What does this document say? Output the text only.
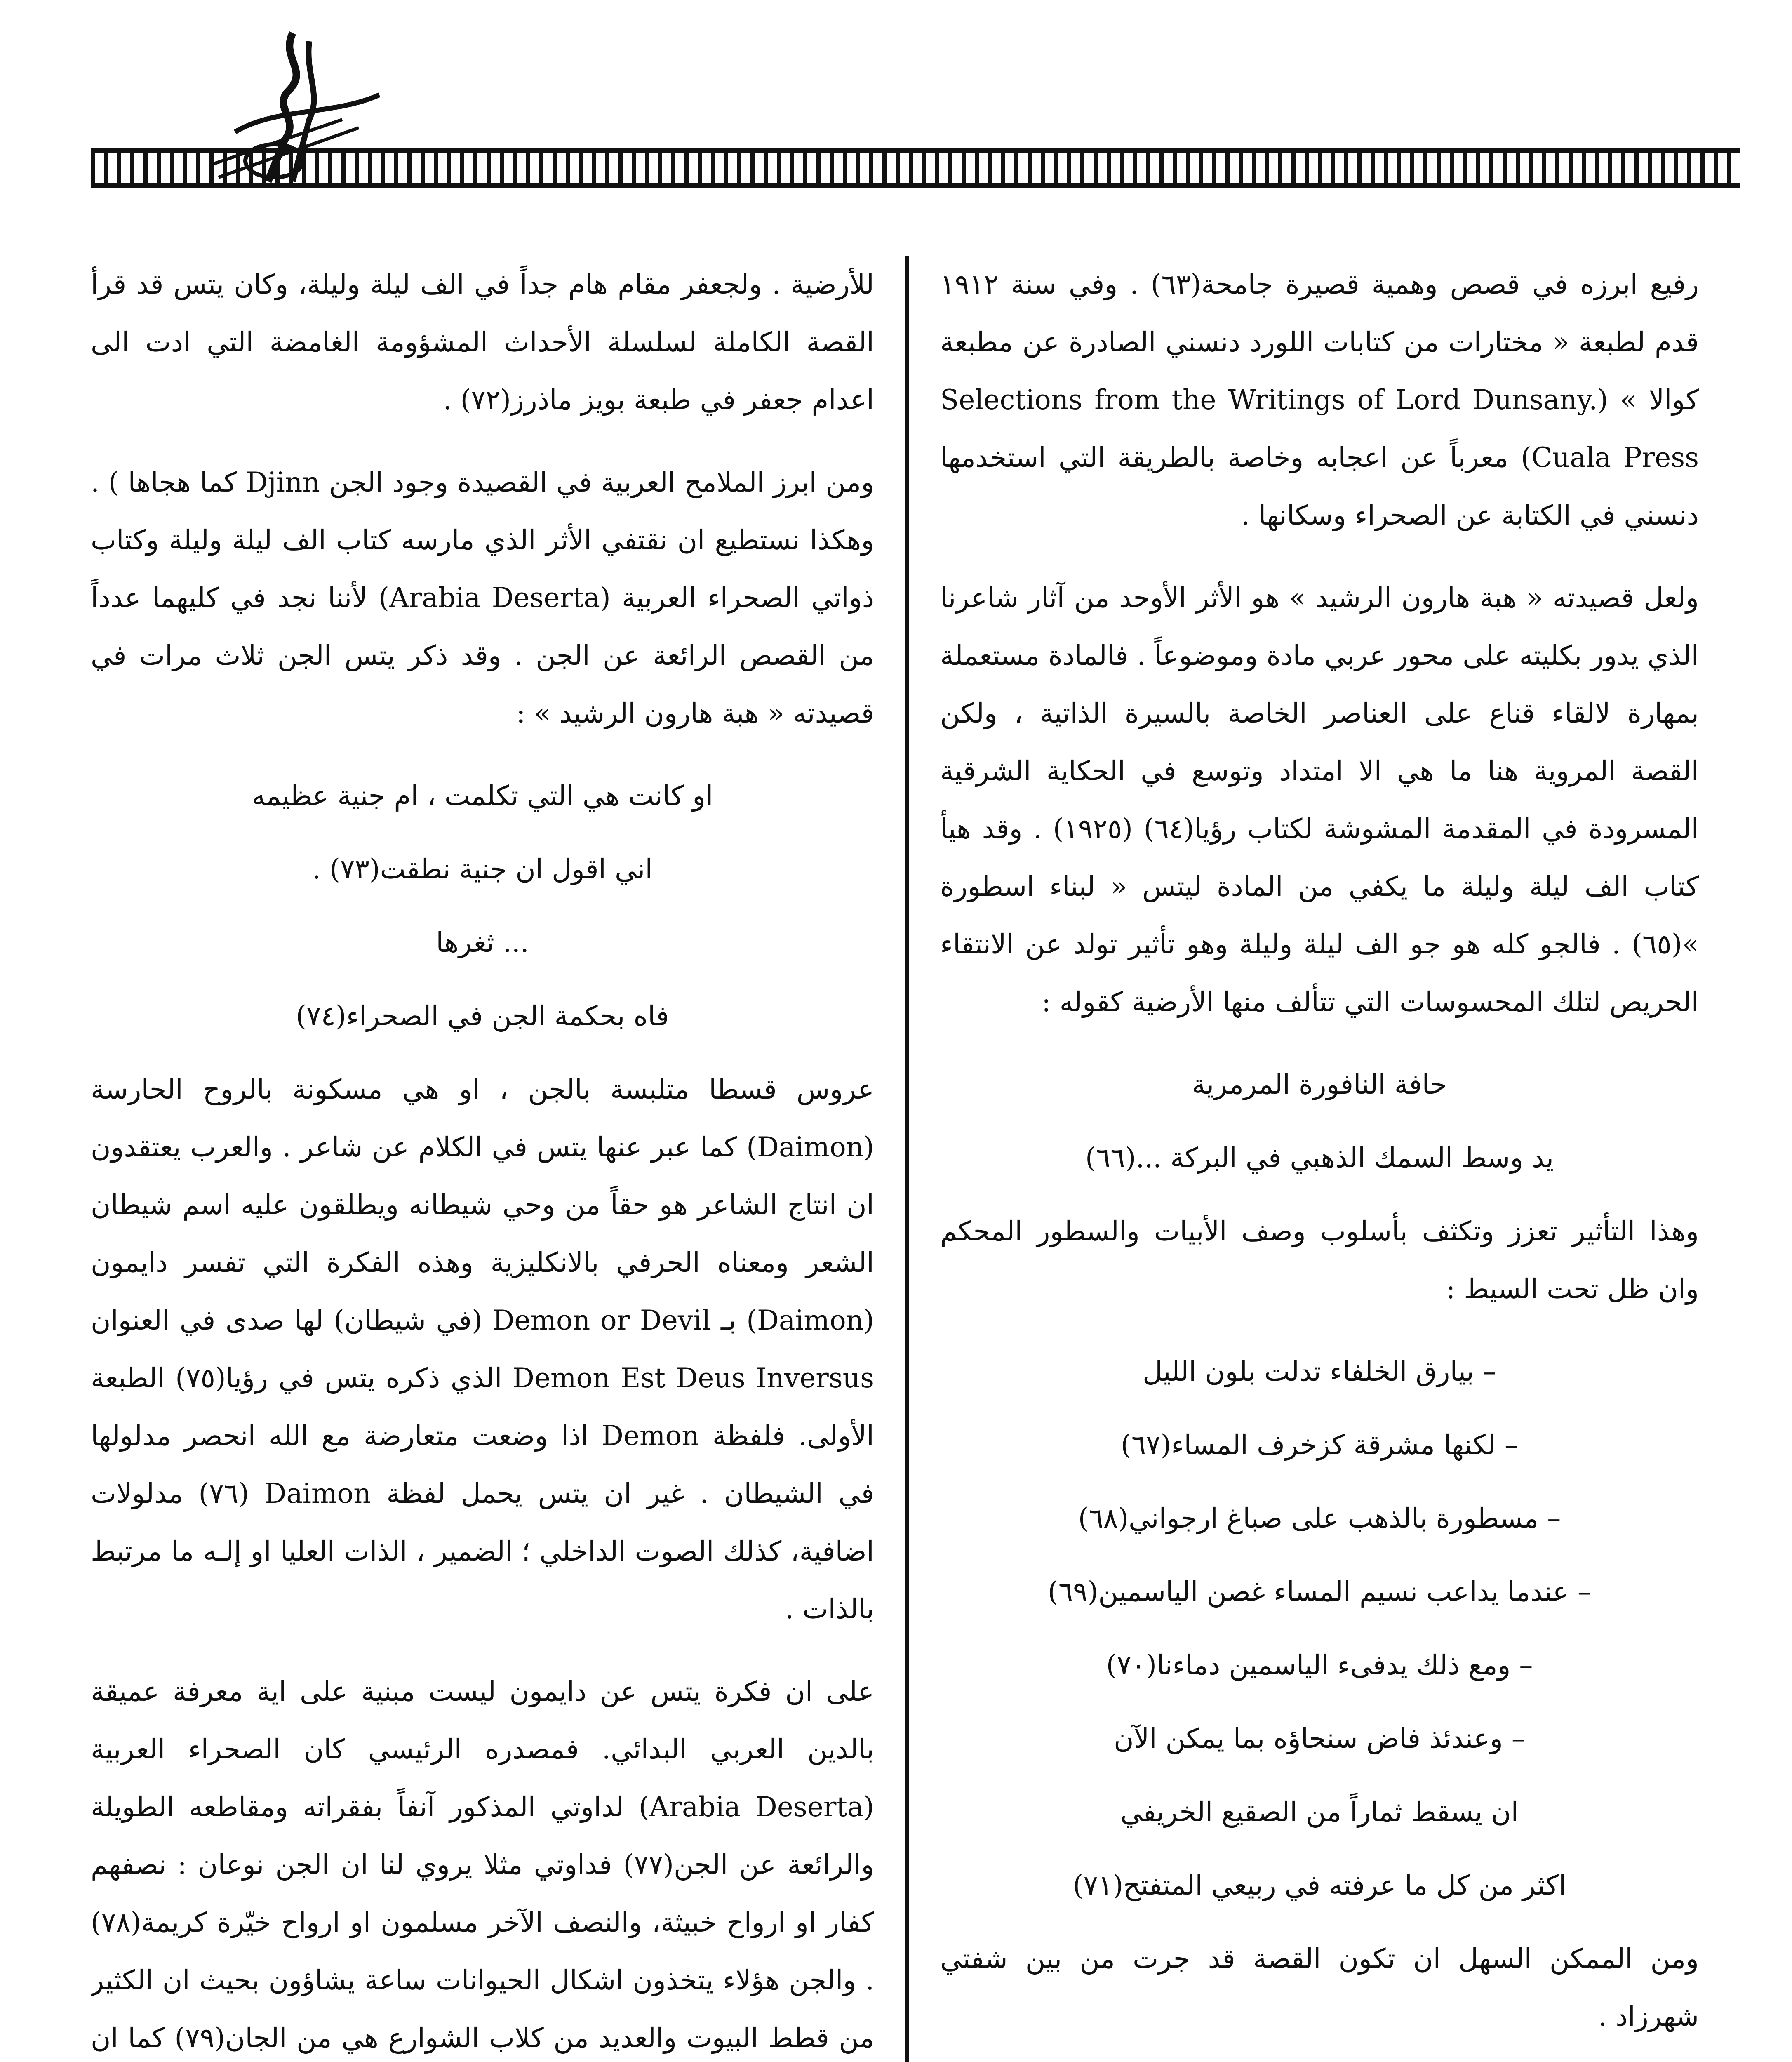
رفيع ابرزه في قصص وهمية قصيرة جامحة(٦٣) . وفي سنة ١٩١٢ قدم لطبعة « مختارات من كتابات اللورد دنسني الصادرة عن مطبعة كوالا » (Selections from the Writings of Lord Dunsany. Cuala Press) معرباً عن اعجابه وخاصة بالطريقة التي استخدمها دنسني في الكتابة عن الصحراء وسكانها .

ولعل قصيدته « هبة هارون الرشيد » هو الأثر الأوحد من آثار شاعرنا الذي يدور بكليته على محور عربي مادة وموضوعاً . فالمادة مستعملة بمهارة لالقاء قناع على العناصر الخاصة بالسيرة الذاتية ، ولكن القصة المروية هنا ما هي الا امتداد وتوسع في الحكاية الشرقية المسرودة في المقدمة المشوشة لكتاب رؤيا(٦٤) (١٩٢٥) . وقد هيأ كتاب الف ليلة وليلة ما يكفي من المادة ليتس « لبناء اسطورة »(٦٥) . فالجو كله هو جو الف ليلة وليلة وهو تأثير تولد عن الانتقاء الحريص لتلك المحسوسات التي تتألف منها الأرضية كقوله :

حافة النافورة المرمرية

يد وسط السمك الذهبي في البركة ...(٦٦)

وهذا التأثير تعزز وتكثف بأسلوب وصف الأبيات والسطور المحكم وان ظل تحت السيط :

– بيارق الخلفاء تدلت بلون الليل

– لكنها مشرقة كزخرف المساء(٦٧)

– مسطورة بالذهب على صباغ ارجواني(٦٨)

– عندما يداعب نسيم المساء غصن الياسمين(٦٩)

– ومع ذلك يدفىء الياسمين دماءنا(٧٠)

– وعندئذ فاض سنحاؤه بما يمكن الآن

ان يسقط ثماراً من الصقيع الخريفي

اكثر من كل ما عرفته في ربيعي المتفتح(٧١)

ومن الممكن السهل ان تكون القصة قد جرت من بين شفتي شهرزاد .

للأرضية . ولجعفر مقام هام جداً في الف ليلة وليلة، وكان يتس قد قرأ القصة الكاملة لسلسلة الأحداث المشؤومة الغامضة التي ادت الى اعدام جعفر في طبعة بويز ماذرز(٧٢) .

ومن ابرز الملامح العربية في القصيدة وجود الجن Djinn كما هجاها ) . وهكذا نستطيع ان نقتفي الأثر الذي مارسه كتاب الف ليلة وليلة وكتاب ذواتي الصحراء العربية (Arabia Deserta) لأننا نجد في كليهما عدداً من القصص الرائعة عن الجن . وقد ذكر يتس الجن ثلاث مرات في قصيدته « هبة هارون الرشيد » :

او كانت هي التي تكلمت ، ام جنية عظيمه

اني اقول ان جنية نطقت(٧٣) .

... ثغرها

فاه بحكمة الجن في الصحراء(٧٤)

عروس قسطا متلبسة بالجن ، او هي مسكونة بالروح الحارسة (Daimon) كما عبر عنها يتس في الكلام عن شاعر . والعرب يعتقدون ان انتاج الشاعر هو حقاً من وحي شيطانه ويطلقون عليه اسم شيطان الشعر ومعناه الحرفي بالانكليزية وهذه الفكرة التي تفسر دايمون (Daimon) بـ Demon or Devil (في شيطان) لها صدى في العنوان Demon Est Deus Inversus الذي ذكره يتس في رؤيا(٧٥) الطبعة الأولى. فلفظة Demon اذا وضعت متعارضة مع الله انحصر مدلولها في الشيطان . غير ان يتس يحمل لفظة Daimon (٧٦) مدلولات اضافية، كذلك الصوت الداخلي ؛ الضمير ، الذات العليا او إلـه ما مرتبط بالذات .

على ان فكرة يتس عن دايمون ليست مبنية على اية معرفة عميقة بالدين العربي البدائي. فمصدره الرئيسي كان الصحراء العربية (Arabia Deserta) لداوتي المذكور آنفاً بفقراته ومقاطعه الطويلة والرائعة عن الجن(٧٧) فداوتي مثلا يروي لنا ان الجن نوعان : نصفهم كفار او ارواح خبيثة، والنصف الآخر مسلمون او ارواح خيّرة كريمة(٧٨) . والجن هؤلاء يتخذون اشكال الحيوانات ساعة يشاؤون بحيث ان الكثير من قطط البيوت والعديد من كلاب الشوارع هي من الجان(٧٩) كما ان
